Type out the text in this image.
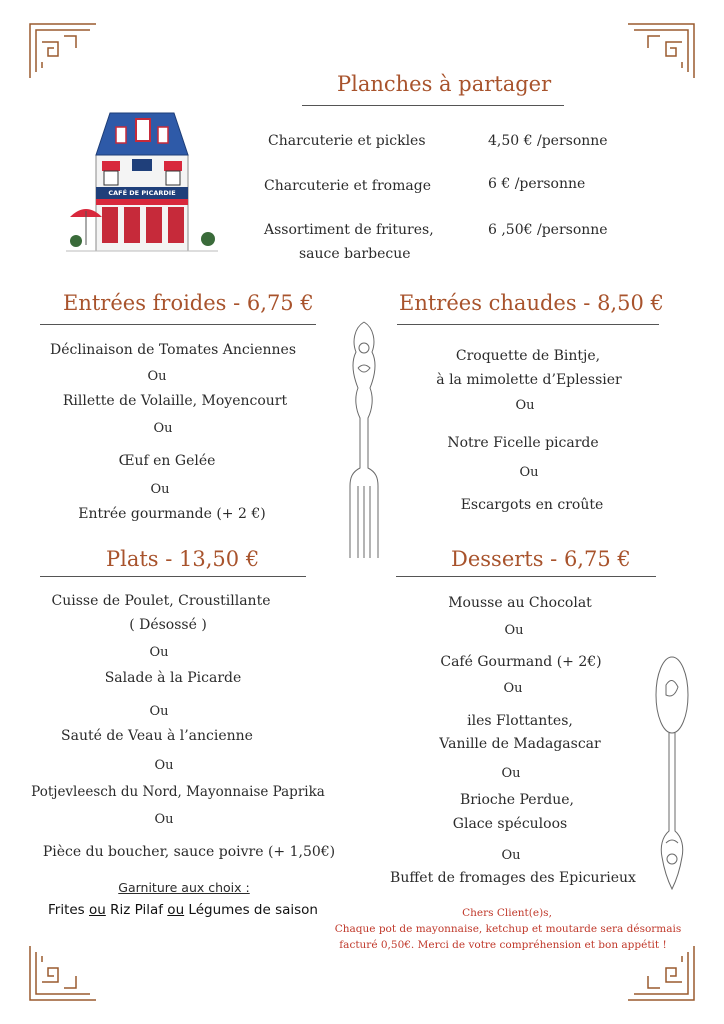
CAFÉ DE PICARDIE
Planches à partager
Charcuterie et pickles	4,50 € /personne
Charcuterie et fromage	6 € /personne
Assortiment de fritures,
sauce barbecue
6 ,50€ /personne
Entrées froides - 6,75 €
Déclinaison de Tomates Anciennes
Ou
Rillette de Volaille, Moyencourt
Ou
Œuf en Gelée
Ou
Entrée gourmande (+ 2 €)
Entrées chaudes - 8,50 €
Croquette de Bintje,
à la mimolette d’Eplessier
Ou
Notre Ficelle picarde
Ou
Escargots en croûte
Plats - 13,50 €
Cuisse de Poulet, Croustillante
( Désossé )
Ou
Salade à la Picarde
Ou
Sauté de Veau à l’ancienne
Ou
Potjevleesch du Nord, Mayonnaise Paprika
Ou
Pièce du boucher, sauce poivre (+ 1,50€)
Garniture aux choix :
Frites ou Riz Pilaf ou Légumes de saison
Desserts - 6,75 €
Mousse au Chocolat
Ou
Café Gourmand (+ 2€)
Ou
iles Flottantes,
Vanille de Madagascar
Ou
Brioche Perdue,
Glace spéculoos
Ou
Buffet de fromages des Epicurieux
Chers Client(e)s,
Chaque pot de mayonnaise, ketchup et moutarde sera désormais
facturé 0,50€. Merci de votre compréhension et bon appétit !
